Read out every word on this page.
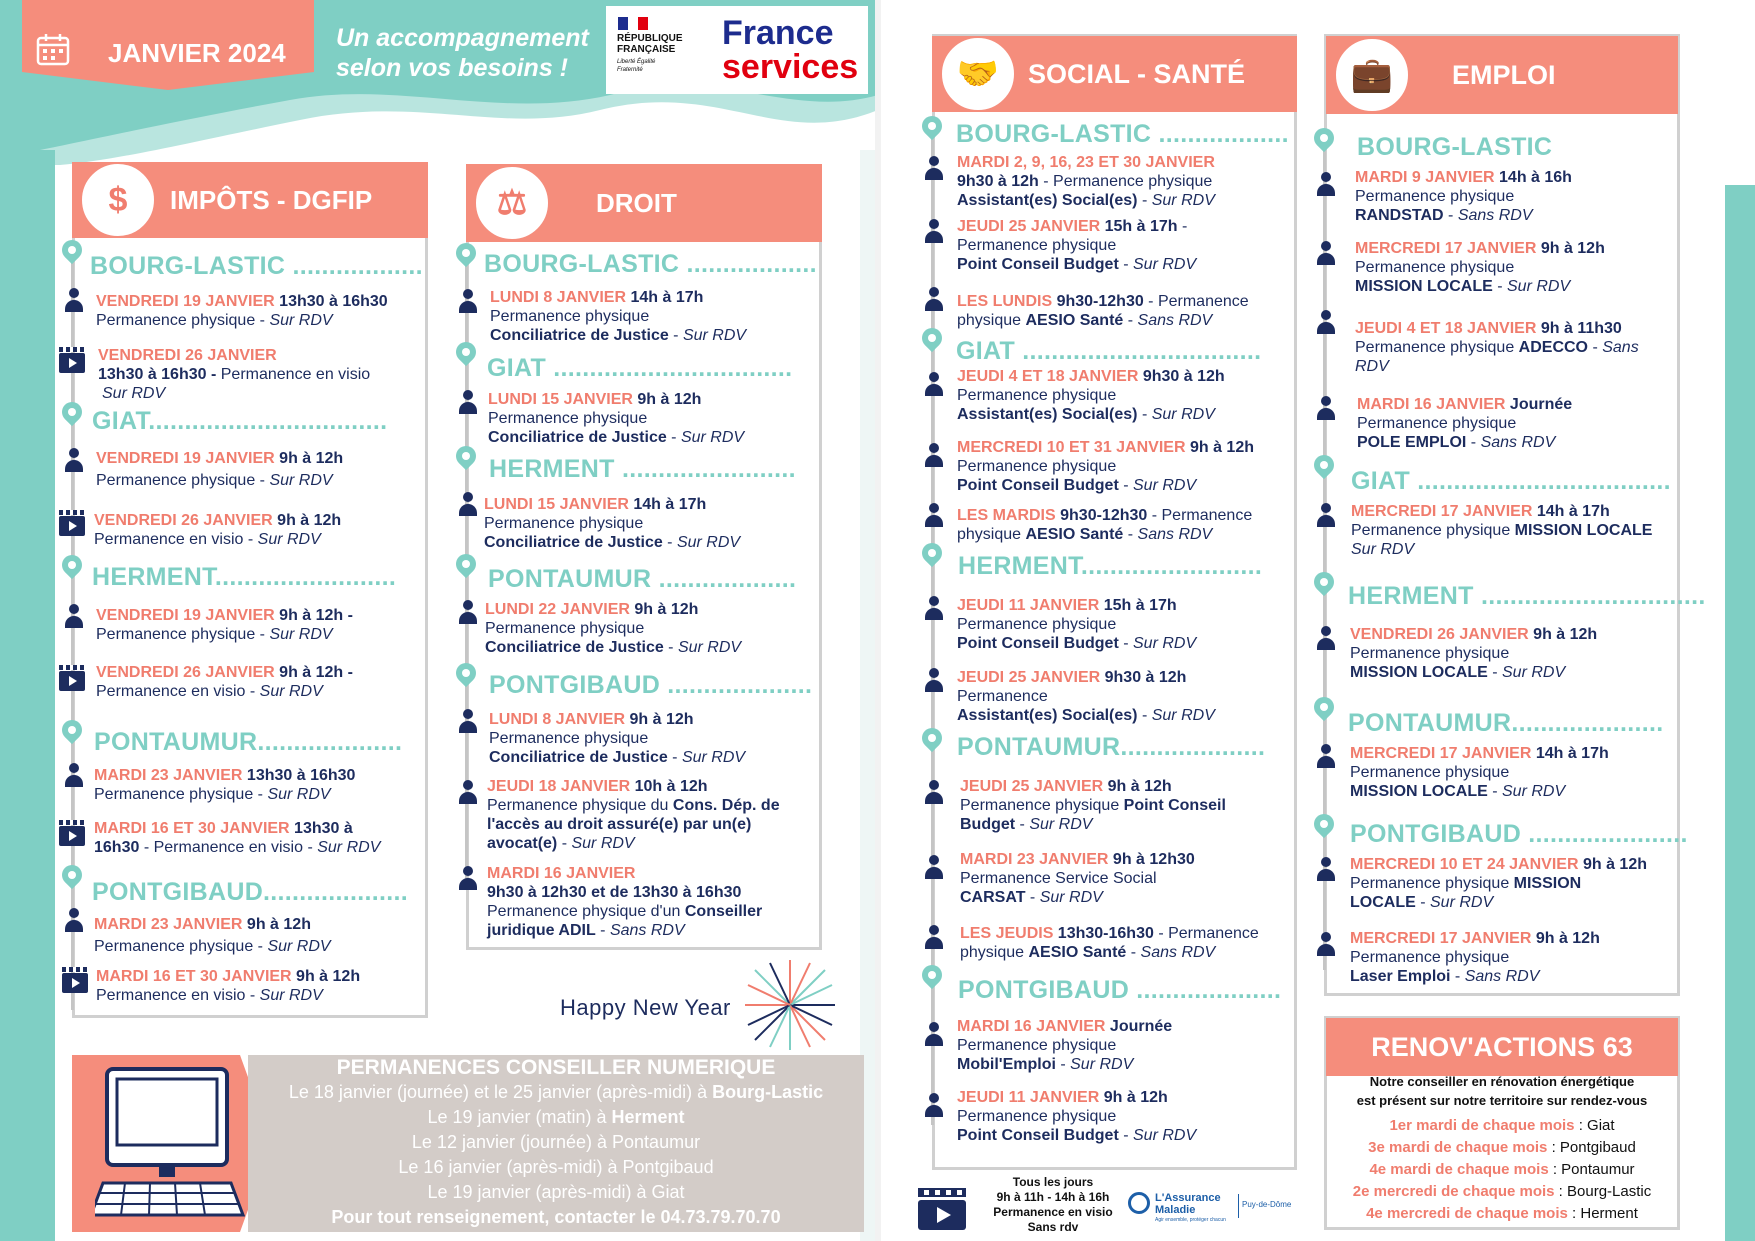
JANVIER 2024 Un accompagnement
selon vos besoins !
RÉPUBLIQUE
FRANÇAISE
Liberté Égalité Fraternité
France
services
$ IMPÔTS - DGFIP
BOURG-LASTIC ..................
GIAT.................................
HERMENT.........................
PONTAUMUR....................
PONTGIBAUD....................
VENDREDI 19 JANVIER 13h30 à 16h30
Permanence physique - Sur RDV
VENDREDI 26 JANVIER
13h30 à 16h30 - Permanence en visio
Sur RDV
VENDREDI 19 JANVIER 9h à 12h
Permanence physique - Sur RDV
VENDREDI 26 JANVIER 9h à 12h
Permanence en visio - Sur RDV
VENDREDI 19 JANVIER 9h à 12h -
Permanence physique - Sur RDV
VENDREDI 26 JANVIER 9h à 12h -
Permanence en visio - Sur RDV
MARDI 23 JANVIER 13h30 à 16h30
Permanence physique - Sur RDV
MARDI 16 ET 30 JANVIER 13h30 à
16h30 - Permanence en visio - Sur RDV
MARDI 23 JANVIER 9h à 12h
Permanence physique - Sur RDV
MARDI 16 ET 30 JANVIER 9h à 12h
Permanence en visio - Sur RDV
⚖	DROIT
BOURG-LASTIC ..................
GIAT .................................
HERMENT ........................
PONTAUMUR ...................
PONTGIBAUD ....................
LUNDI 8 JANVIER 14h à 17h
Permanence physique
Conciliatrice de Justice - Sur RDV
LUNDI 15 JANVIER 9h à 12h
Permanence physique
Conciliatrice de Justice - Sur RDV
LUNDI 15 JANVIER 14h à 17h
Permanence physique
Conciliatrice de Justice - Sur RDV
LUNDI 22 JANVIER 9h à 12h
Permanence physique
Conciliatrice de Justice - Sur RDV
LUNDI 8 JANVIER 9h à 12h
Permanence physique
Conciliatrice de Justice - Sur RDV
JEUDI 18 JANVIER 10h à 12h
Permanence physique du Cons. Dép. de
l'accès au droit assuré(e) par un(e)
avocat(e) - Sur RDV
MARDI 16 JANVIER
9h30 à 12h30 et de 13h30 à 16h30
Permanence physique d'un Conseiller
juridique ADIL - Sans RDV
Happy New Year
PERMANENCES CONSEILLER NUMERIQUE
Le 18 janvier (journée) et le 25 janvier (après-midi) à Bourg-Lastic
Le 19 janvier (matin) à Herment
Le 12 janvier (journée) à Pontaumur
Le 16 janvier (après-midi) à Pontgibaud
Le 19 janvier (après-midi) à Giat
Pour tout renseignement, contacter le 04.73.79.70.70
🤝 SOCIAL - SANTÉ
BOURG-LASTIC ..................
GIAT .................................
HERMENT.........................
PONTAUMUR....................
PONTGIBAUD ....................
MARDI 2, 9, 16, 23 ET 30 JANVIER
9h30 à 12h - Permanence physique
Assistant(es) Social(es) - Sur RDV
JEUDI 25 JANVIER 15h à 17h -
Permanence physique
Point Conseil Budget - Sur RDV
LES LUNDIS 9h30-12h30 - Permanence
physique AESIO Santé - Sans RDV
JEUDI 4 ET 18 JANVIER 9h30 à 12h
Permanence physique
Assistant(es) Social(es) - Sur RDV
MERCREDI 10 ET 31 JANVIER 9h à 12h
Permanence physique
Point Conseil Budget - Sur RDV
LES MARDIS 9h30-12h30 - Permanence
physique AESIO Santé - Sans RDV
JEUDI 11 JANVIER 15h à 17h
Permanence physique
Point Conseil Budget - Sur RDV
JEUDI 25 JANVIER 9h30 à 12h
Permanence
Assistant(es) Social(es) - Sur RDV
JEUDI 25 JANVIER 9h à 12h
Permanence physique Point Conseil
Budget - Sur RDV
MARDI 23 JANVIER 9h à 12h30
Permanence Service Social
CARSAT - Sur RDV
LES JEUDIS 13h30-16h30 - Permanence
physique AESIO Santé - Sans RDV
MARDI 16 JANVIER Journée
Permanence physique
Mobil'Emploi - Sur RDV
JEUDI 11 JANVIER 9h à 12h
Permanence physique
Point Conseil Budget - Sur RDV
Tous les jours
9h à 11h - 14h à 16h
Permanence en visio
Sans rdv
L'Assurance
Maladie
Agir ensemble, protéger chacun
Puy-de-Dôme
💼 EMPLOI
BOURG-LASTIC
GIAT ...................................
HERMENT ...............................
PONTAUMUR.....................
PONTGIBAUD ......................
MARDI 9 JANVIER 14h à 16h
Permanence physique
RANDSTAD - Sans RDV
MERCREDI 17 JANVIER 9h à 12h
Permanence physique
MISSION LOCALE - Sur RDV
JEUDI 4 ET 18 JANVIER 9h à 11h30
Permanence physique ADECCO - Sans
RDV
MARDI 16 JANVIER Journée
Permanence physique
POLE EMPLOI - Sans RDV
MERCREDI 17 JANVIER 14h à 17h
Permanence physique MISSION LOCALE
Sur RDV
VENDREDI 26 JANVIER 9h à 12h
Permanence physique
MISSION LOCALE - Sur RDV
MERCREDI 17 JANVIER 14h à 17h
Permanence physique
MISSION LOCALE - Sur RDV
MERCREDI 10 ET 24 JANVIER 9h à 12h
Permanence physique MISSION
LOCALE - Sur RDV
MERCREDI 17 JANVIER 9h à 12h
Permanence physique
Laser Emploi - Sans RDV
RENOV'ACTIONS 63
Notre conseiller en rénovation énergétique
est présent sur notre territoire sur rendez-vous
1er mardi de chaque mois : Giat
3e mardi de chaque mois : Pontgibaud
4e mardi de chaque mois : Pontaumur
2e mercredi de chaque mois : Bourg-Lastic
4e mercredi de chaque mois : Herment
